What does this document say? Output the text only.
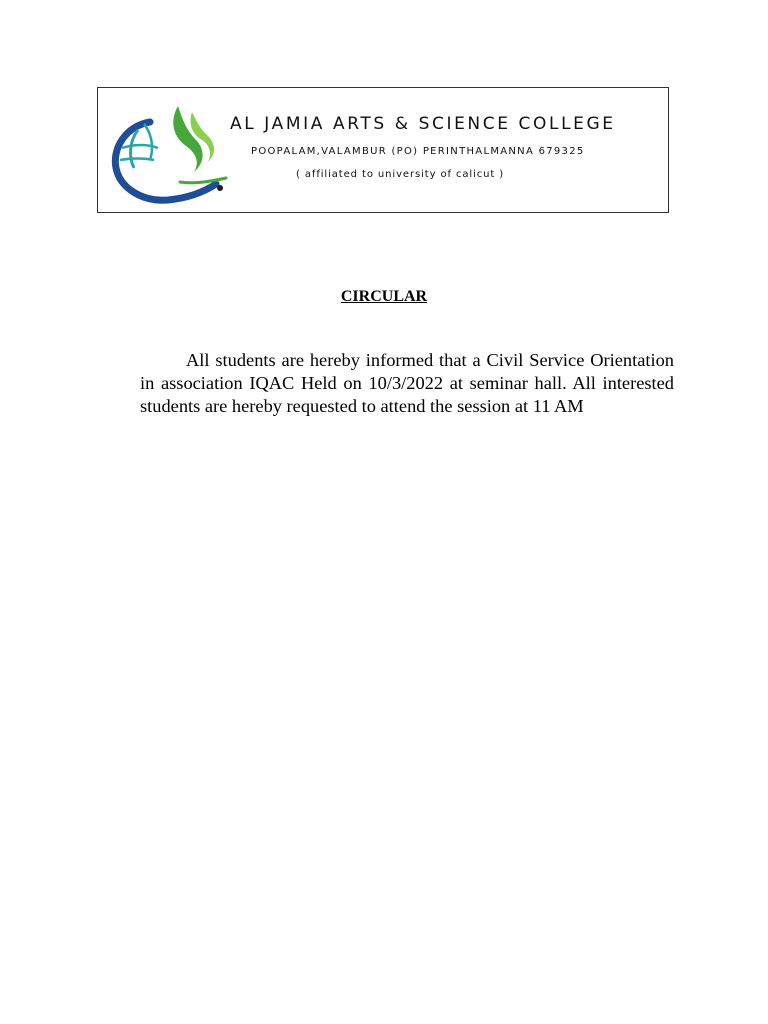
AL JAMIA ARTS & SCIENCE COLLEGE
POOPALAM,VALAMBUR (PO) PERINTHALMANNA 679325
( affiliated to university of calicut )
CIRCULAR

All students are hereby informed that a Civil Service Orientation in association IQAC Held on 10/3/2022 at seminar hall. All interested students are hereby requested to attend the session at 11 AM
